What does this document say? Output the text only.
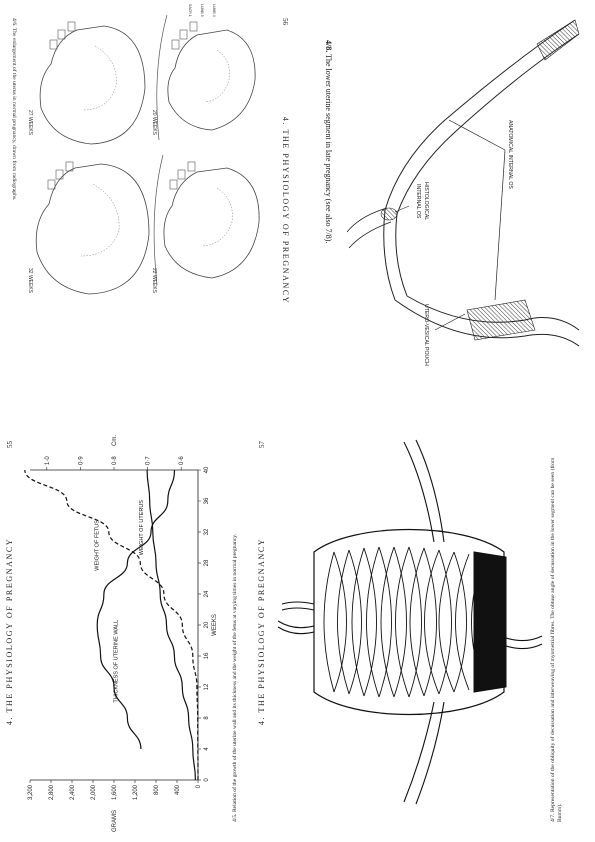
56
4. THE PHYSIOLOGY OF PREGNANCY
20 WEEKS
22 WEEKS
27 WEEKS
32 WEEKS
LUMB.4
LUMB.5
SACR.1
4/6. The enlargement of the uterus in normal pregnancy, drawn from radiographs.	ANATOMICAL INTERNAL OS
HISTOLOGICAL
INTERNAL OS
UTERO-VESICAL POUCH
4/8. The lower uterine segment in late pregnancy (see also 7/8).
4. THE PHYSIOLOGY OF PREGNANCY
57
4/7. Representation of the obliquity of decussation and interweaving of myometrial fibres. The obtuse angle of decussation in the lower segment can be seen (from Bumm).
4. THE PHYSIOLOGY OF PREGNANCY
55
0
4
8
12
16
20
24
28
32
36
40
WEEKS
0
400
800
1,200
1,600
2,000
2,400
2,800
3,200
GRAMS
0·6
0·7
0·8
0·9
1·0
Cm.
WEIGHT OF UTERUS
THICKNESS OF UTERINE WALL
WEIGHT OF FETUS	4/5. Relation of the growth of the uterine wall and its thickness and the weight of the fetus at varying times in normal pregnancy.
